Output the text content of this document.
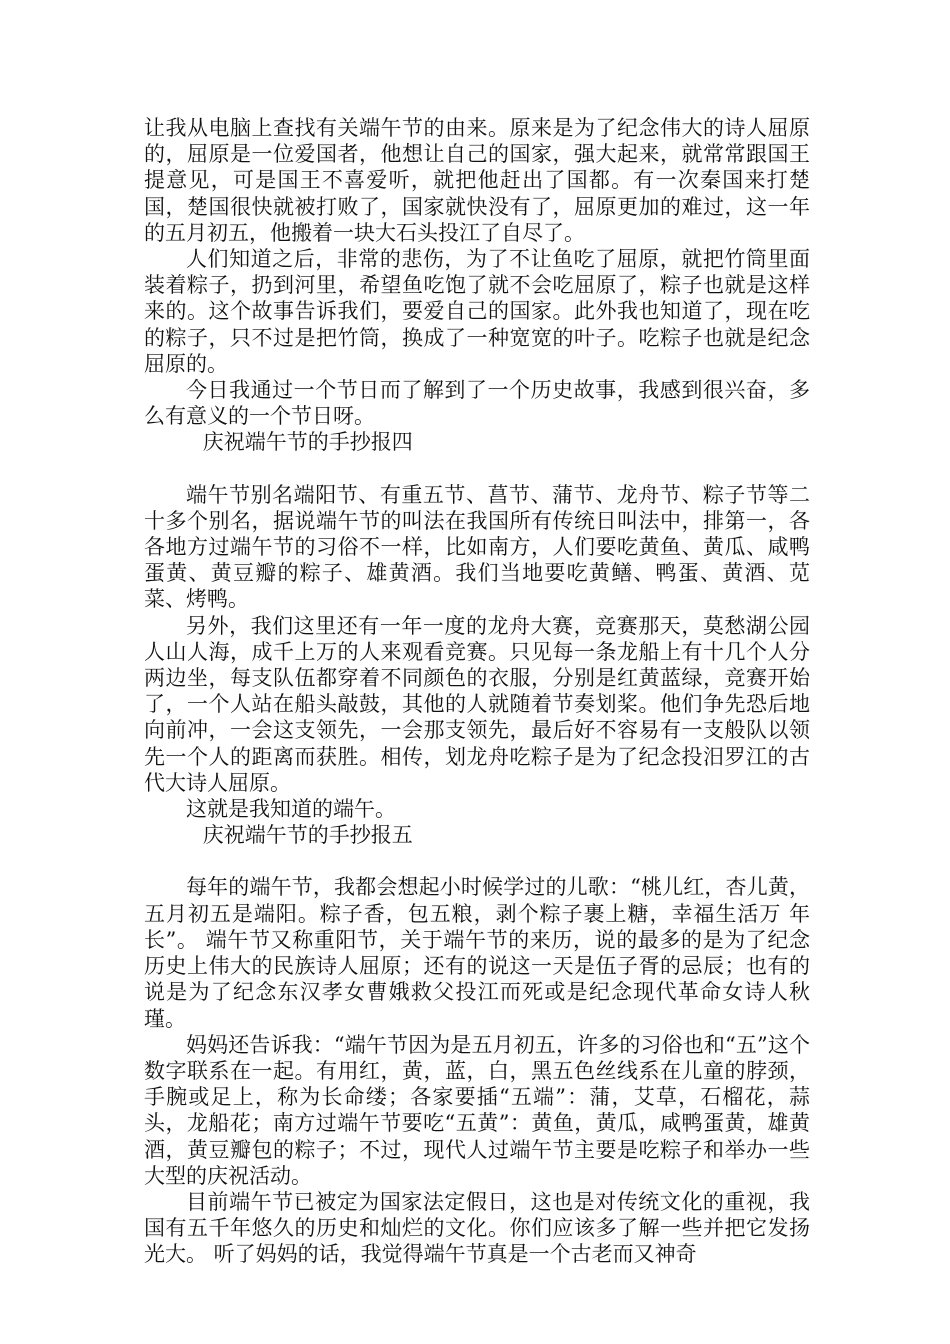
让我从电脑上查找有关端午节的由来。原来是为了纪念伟大的诗人屈原的，屈原是一位爱国者，他想让自己的国家，强大起来，就常常跟国王提意见，可是国王不喜爱听，就把他赶出了国都。有一次秦国来打楚国，楚国很快就被打败了，国家就快没有了，屈原更加的难过，这一年的五月初五，他搬着一块大石头投江了自尽了。

人们知道之后，非常的悲伤，为了不让鱼吃了屈原，就把竹筒里面装着粽子，扔到河里，希望鱼吃饱了就不会吃屈原了，粽子也就是这样来的。这个故事告诉我们，要爱自己的国家。此外我也知道了，现在吃的粽子，只不过是把竹筒，换成了一种宽宽的叶子。吃粽子也就是纪念屈原的。

今日我通过一个节日而了解到了一个历史故事，我感到很兴奋，多么有意义的一个节日呀。

庆祝端午节的手抄报四

端午节别名端阳节、有重五节、菖节、蒲节、龙舟节、粽子节等二十多个别名，据说端午节的叫法在我国所有传统日叫法中，排第一，各各地方过端午节的习俗不一样，比如南方，人们要吃黄鱼、黄瓜、咸鸭蛋黄、黄豆瓣的粽子、雄黄酒。我们当地要吃黄鳝、鸭蛋、黄酒、苋菜、烤鸭。

另外，我们这里还有一年一度的龙舟大赛，竞赛那天，莫愁湖公园人山人海，成千上万的人来观看竞赛。只见每一条龙船上有十几个人分两边坐，每支队伍都穿着不同颜色的衣服，分别是红黄蓝绿，竞赛开始了，一个人站在船头敲鼓，其他的人就随着节奏划桨。他们争先恐后地向前冲，一会这支领先，一会那支领先，最后好不容易有一支般队以领先一个人的距离而获胜。相传，划龙舟吃粽子是为了纪念投汨罗江的古代大诗人屈原。

这就是我知道的端午。

庆祝端午节的手抄报五

每年的端午节，我都会想起小时候学过的儿歌：“桃儿红，杏儿黄，五月初五是端阳。粽子香，包五粮，剥个粽子裹上糖，幸福生活万 年长”。 端午节又称重阳节，关于端午节的来历，说的最多的是为了纪念历史上伟大的民族诗人屈原；还有的说这一天是伍子胥的忌辰；也有的说是为了纪念东汉孝女曹娥救父投江而死或是纪念现代革命女诗人秋瑾。

妈妈还告诉我：“端午节因为是五月初五，许多的习俗也和“五”这个数字联系在一起。有用红，黄，蓝，白，黑五色丝线系在儿童的脖颈，手腕或足上，称为长命缕；各家要插“五端”：蒲，艾草，石榴花，蒜头，龙船花；南方过端午节要吃“五黄”：黄鱼，黄瓜，咸鸭蛋黄，雄黄酒，黄豆瓣包的粽子；不过，现代人过端午节主要是吃粽子和举办一些大型的庆祝活动。

目前端午节已被定为国家法定假日，这也是对传统文化的重视，我国有五千年悠久的历史和灿烂的文化。你们应该多了解一些并把它发扬光大。 听了妈妈的话，我觉得端午节真是一个古老而又神奇
